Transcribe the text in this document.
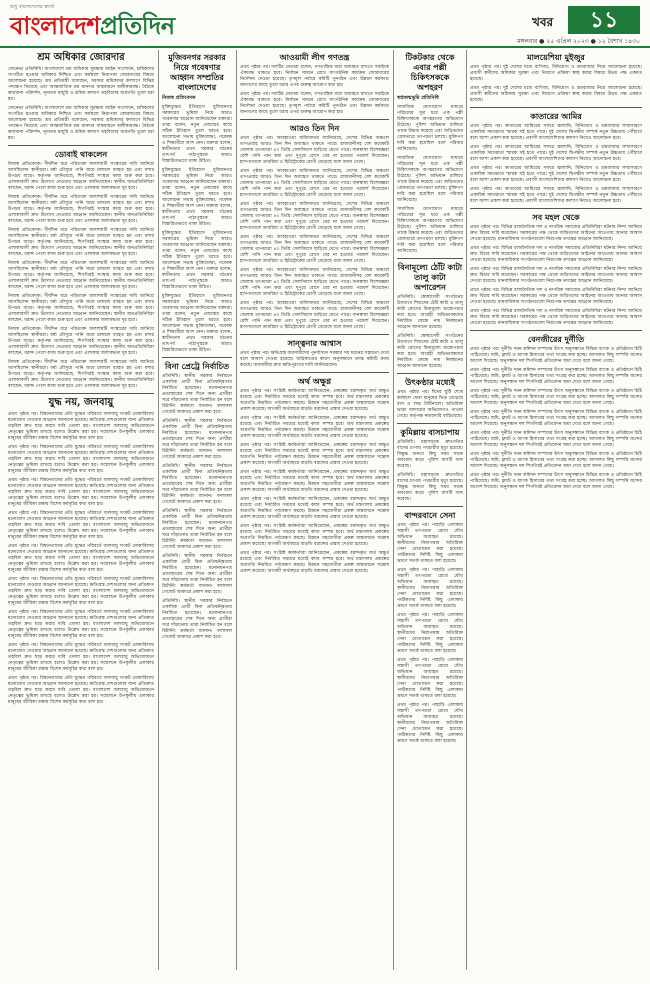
শুধু বাংলাদেশের স্বার্থে
বাংলাদেশপ্রতিদিন	খবর	১১
মঙ্গলবার ● ২৫ এপ্রিল ২০২৩ ● ১২ বৈশাখ ১৪৩০
শ্রম অধিকার জোরদার

জেনেভা প্রতিনিধি। বাংলাদেশে শ্রম অধিকার সুরক্ষায় আইন সংশোধন, শ্রমিকদের সংগঠিত হওয়ার অধিকার নিশ্চিত এবং কর্মস্থলে নিরাপত্তা জোরদারের বিষয়ে আলোচনা হয়েছে। শ্রম প্রতিমন্ত্রী বলেছেন, সরকার শ্রমিকদের কল্যাণে বিভিন্ন পদক্ষেপ নিয়েছে এবং আন্তর্জাতিক শ্রম মানদণ্ড বাস্তবায়নে অঙ্গীকারবদ্ধ। বৈঠকে কারখানা পরিদর্শন, ন্যূনতম মজুরি ও শ্রমিক কল্যাণ তহবিলের অগ্রগতি তুলে ধরা হয়।

জেনেভা প্রতিনিধি। বাংলাদেশে শ্রম অধিকার সুরক্ষায় আইন সংশোধন, শ্রমিকদের সংগঠিত হওয়ার অধিকার নিশ্চিত এবং কর্মস্থলে নিরাপত্তা জোরদারের বিষয়ে আলোচনা হয়েছে। শ্রম প্রতিমন্ত্রী বলেছেন, সরকার শ্রমিকদের কল্যাণে বিভিন্ন পদক্ষেপ নিয়েছে এবং আন্তর্জাতিক শ্রম মানদণ্ড বাস্তবায়নে অঙ্গীকারবদ্ধ। বৈঠকে কারখানা পরিদর্শন, ন্যূনতম মজুরি ও শ্রমিক কল্যাণ তহবিলের অগ্রগতি তুলে ধরা হয়।

ডোবাই থাকলেন

নিজস্ব প্রতিবেদক। দীর্ঘদিন ধরে পরিত্যক্ত জলাশয়টি সংস্কারের দাবি জানিয়ে আসছিলেন স্থানীয়রা। বর্ষা মৌসুমে পানি জমে চলাচল ব্যাহত হয় এবং মশার উপদ্রব বাড়ে। কর্তৃপক্ষ জানিয়েছে, শিগগিরই সংস্কার কাজ শুরু করা হবে। এলাকাবাসী দ্রুত উদ্যোগ নেওয়ার আহ্বান জানিয়েছেন। স্থানীয় জনপ্রতিনিধিরা বলছেন, বরাদ্দ পেলে কাজ শুরু হবে এবং এলাকার জলাবদ্ধতা দূর হবে।

নিজস্ব প্রতিবেদক। দীর্ঘদিন ধরে পরিত্যক্ত জলাশয়টি সংস্কারের দাবি জানিয়ে আসছিলেন স্থানীয়রা। বর্ষা মৌসুমে পানি জমে চলাচল ব্যাহত হয় এবং মশার উপদ্রব বাড়ে। কর্তৃপক্ষ জানিয়েছে, শিগগিরই সংস্কার কাজ শুরু করা হবে। এলাকাবাসী দ্রুত উদ্যোগ নেওয়ার আহ্বান জানিয়েছেন। স্থানীয় জনপ্রতিনিধিরা বলছেন, বরাদ্দ পেলে কাজ শুরু হবে এবং এলাকার জলাবদ্ধতা দূর হবে।

নিজস্ব প্রতিবেদক। দীর্ঘদিন ধরে পরিত্যক্ত জলাশয়টি সংস্কারের দাবি জানিয়ে আসছিলেন স্থানীয়রা। বর্ষা মৌসুমে পানি জমে চলাচল ব্যাহত হয় এবং মশার উপদ্রব বাড়ে। কর্তৃপক্ষ জানিয়েছে, শিগগিরই সংস্কার কাজ শুরু করা হবে। এলাকাবাসী দ্রুত উদ্যোগ নেওয়ার আহ্বান জানিয়েছেন। স্থানীয় জনপ্রতিনিধিরা বলছেন, বরাদ্দ পেলে কাজ শুরু হবে এবং এলাকার জলাবদ্ধতা দূর হবে।

নিজস্ব প্রতিবেদক। দীর্ঘদিন ধরে পরিত্যক্ত জলাশয়টি সংস্কারের দাবি জানিয়ে আসছিলেন স্থানীয়রা। বর্ষা মৌসুমে পানি জমে চলাচল ব্যাহত হয় এবং মশার উপদ্রব বাড়ে। কর্তৃপক্ষ জানিয়েছে, শিগগিরই সংস্কার কাজ শুরু করা হবে। এলাকাবাসী দ্রুত উদ্যোগ নেওয়ার আহ্বান জানিয়েছেন। স্থানীয় জনপ্রতিনিধিরা বলছেন, বরাদ্দ পেলে কাজ শুরু হবে এবং এলাকার জলাবদ্ধতা দূর হবে।

নিজস্ব প্রতিবেদক। দীর্ঘদিন ধরে পরিত্যক্ত জলাশয়টি সংস্কারের দাবি জানিয়ে আসছিলেন স্থানীয়রা। বর্ষা মৌসুমে পানি জমে চলাচল ব্যাহত হয় এবং মশার উপদ্রব বাড়ে। কর্তৃপক্ষ জানিয়েছে, শিগগিরই সংস্কার কাজ শুরু করা হবে। এলাকাবাসী দ্রুত উদ্যোগ নেওয়ার আহ্বান জানিয়েছেন। স্থানীয় জনপ্রতিনিধিরা বলছেন, বরাদ্দ পেলে কাজ শুরু হবে এবং এলাকার জলাবদ্ধতা দূর হবে।

নিজস্ব প্রতিবেদক। দীর্ঘদিন ধরে পরিত্যক্ত জলাশয়টি সংস্কারের দাবি জানিয়ে আসছিলেন স্থানীয়রা। বর্ষা মৌসুমে পানি জমে চলাচল ব্যাহত হয় এবং মশার উপদ্রব বাড়ে। কর্তৃপক্ষ জানিয়েছে, শিগগিরই সংস্কার কাজ শুরু করা হবে। এলাকাবাসী দ্রুত উদ্যোগ নেওয়ার আহ্বান জানিয়েছেন। স্থানীয় জনপ্রতিনিধিরা বলছেন, বরাদ্দ পেলে কাজ শুরু হবে এবং এলাকার জলাবদ্ধতা দূর হবে।

নিজস্ব প্রতিবেদক। দীর্ঘদিন ধরে পরিত্যক্ত জলাশয়টি সংস্কারের দাবি জানিয়ে আসছিলেন স্থানীয়রা। বর্ষা মৌসুমে পানি জমে চলাচল ব্যাহত হয় এবং মশার উপদ্রব বাড়ে। কর্তৃপক্ষ জানিয়েছে, শিগগিরই সংস্কার কাজ শুরু করা হবে। এলাকাবাসী দ্রুত উদ্যোগ নেওয়ার আহ্বান জানিয়েছেন। স্থানীয় জনপ্রতিনিধিরা বলছেন, বরাদ্দ পেলে কাজ শুরু হবে এবং এলাকার জলাবদ্ধতা দূর হবে।

যুদ্ধ নয়, জনবায়ু

প্রথম পৃষ্ঠার পর। বিশ্বনেতাদের প্রতি যুদ্ধের পরিবর্তে জলবায়ু সংকট মোকাবিলায় মনোযোগ দেওয়ার আহ্বান জানানো হয়েছে। ক্ষতিগ্রস্ত দেশগুলোর জন্য প্রতিশ্রুত তহবিল দ্রুত ছাড় করার দাবি তোলা হয়। বাংলাদেশ জলবায়ু অভিযোজনে নেতৃত্বের ভূমিকা রাখছে বলেও উল্লেখ করা হয়। সম্মেলনে উপকূলীয় এলাকার মানুষের জীবিকা রক্ষায় বিশেষ কর্মসূচির কথা বলা হয়।

প্রথম পৃষ্ঠার পর। বিশ্বনেতাদের প্রতি যুদ্ধের পরিবর্তে জলবায়ু সংকট মোকাবিলায় মনোযোগ দেওয়ার আহ্বান জানানো হয়েছে। ক্ষতিগ্রস্ত দেশগুলোর জন্য প্রতিশ্রুত তহবিল দ্রুত ছাড় করার দাবি তোলা হয়। বাংলাদেশ জলবায়ু অভিযোজনে নেতৃত্বের ভূমিকা রাখছে বলেও উল্লেখ করা হয়। সম্মেলনে উপকূলীয় এলাকার মানুষের জীবিকা রক্ষায় বিশেষ কর্মসূচির কথা বলা হয়।

প্রথম পৃষ্ঠার পর। বিশ্বনেতাদের প্রতি যুদ্ধের পরিবর্তে জলবায়ু সংকট মোকাবিলায় মনোযোগ দেওয়ার আহ্বান জানানো হয়েছে। ক্ষতিগ্রস্ত দেশগুলোর জন্য প্রতিশ্রুত তহবিল দ্রুত ছাড় করার দাবি তোলা হয়। বাংলাদেশ জলবায়ু অভিযোজনে নেতৃত্বের ভূমিকা রাখছে বলেও উল্লেখ করা হয়। সম্মেলনে উপকূলীয় এলাকার মানুষের জীবিকা রক্ষায় বিশেষ কর্মসূচির কথা বলা হয়।

প্রথম পৃষ্ঠার পর। বিশ্বনেতাদের প্রতি যুদ্ধের পরিবর্তে জলবায়ু সংকট মোকাবিলায় মনোযোগ দেওয়ার আহ্বান জানানো হয়েছে। ক্ষতিগ্রস্ত দেশগুলোর জন্য প্রতিশ্রুত তহবিল দ্রুত ছাড় করার দাবি তোলা হয়। বাংলাদেশ জলবায়ু অভিযোজনে নেতৃত্বের ভূমিকা রাখছে বলেও উল্লেখ করা হয়। সম্মেলনে উপকূলীয় এলাকার মানুষের জীবিকা রক্ষায় বিশেষ কর্মসূচির কথা বলা হয়।

প্রথম পৃষ্ঠার পর। বিশ্বনেতাদের প্রতি যুদ্ধের পরিবর্তে জলবায়ু সংকট মোকাবিলায় মনোযোগ দেওয়ার আহ্বান জানানো হয়েছে। ক্ষতিগ্রস্ত দেশগুলোর জন্য প্রতিশ্রুত তহবিল দ্রুত ছাড় করার দাবি তোলা হয়। বাংলাদেশ জলবায়ু অভিযোজনে নেতৃত্বের ভূমিকা রাখছে বলেও উল্লেখ করা হয়। সম্মেলনে উপকূলীয় এলাকার মানুষের জীবিকা রক্ষায় বিশেষ কর্মসূচির কথা বলা হয়।

প্রথম পৃষ্ঠার পর। বিশ্বনেতাদের প্রতি যুদ্ধের পরিবর্তে জলবায়ু সংকট মোকাবিলায় মনোযোগ দেওয়ার আহ্বান জানানো হয়েছে। ক্ষতিগ্রস্ত দেশগুলোর জন্য প্রতিশ্রুত তহবিল দ্রুত ছাড় করার দাবি তোলা হয়। বাংলাদেশ জলবায়ু অভিযোজনে নেতৃত্বের ভূমিকা রাখছে বলেও উল্লেখ করা হয়। সম্মেলনে উপকূলীয় এলাকার মানুষের জীবিকা রক্ষায় বিশেষ কর্মসূচির কথা বলা হয়।

প্রথম পৃষ্ঠার পর। বিশ্বনেতাদের প্রতি যুদ্ধের পরিবর্তে জলবায়ু সংকট মোকাবিলায় মনোযোগ দেওয়ার আহ্বান জানানো হয়েছে। ক্ষতিগ্রস্ত দেশগুলোর জন্য প্রতিশ্রুত তহবিল দ্রুত ছাড় করার দাবি তোলা হয়। বাংলাদেশ জলবায়ু অভিযোজনে নেতৃত্বের ভূমিকা রাখছে বলেও উল্লেখ করা হয়। সম্মেলনে উপকূলীয় এলাকার মানুষের জীবিকা রক্ষায় বিশেষ কর্মসূচির কথা বলা হয়।

প্রথম পৃষ্ঠার পর। বিশ্বনেতাদের প্রতি যুদ্ধের পরিবর্তে জলবায়ু সংকট মোকাবিলায় মনোযোগ দেওয়ার আহ্বান জানানো হয়েছে। ক্ষতিগ্রস্ত দেশগুলোর জন্য প্রতিশ্রুত তহবিল দ্রুত ছাড় করার দাবি তোলা হয়। বাংলাদেশ জলবায়ু অভিযোজনে নেতৃত্বের ভূমিকা রাখছে বলেও উল্লেখ করা হয়। সম্মেলনে উপকূলীয় এলাকার মানুষের জীবিকা রক্ষায় বিশেষ কর্মসূচির কথা বলা হয়।

প্রথম পৃষ্ঠার পর। বিশ্বনেতাদের প্রতি যুদ্ধের পরিবর্তে জলবায়ু সংকট মোকাবিলায় মনোযোগ দেওয়ার আহ্বান জানানো হয়েছে। ক্ষতিগ্রস্ত দেশগুলোর জন্য প্রতিশ্রুত তহবিল দ্রুত ছাড় করার দাবি তোলা হয়। বাংলাদেশ জলবায়ু অভিযোজনে নেতৃত্বের ভূমিকা রাখছে বলেও উল্লেখ করা হয়। সম্মেলনে উপকূলীয় এলাকার মানুষের জীবিকা রক্ষায় বিশেষ কর্মসূচির কথা বলা হয়।

মুজিবনগর সরকার নিয়ে গবেষণার আহ্বান সম্প্রতির বাংলাদেশের
নিজস্ব প্রতিবেদক

মুক্তিযুদ্ধের ইতিহাসে মুজিবনগর সরকারের ভূমিকা নিয়ে আরও গবেষণার আহ্বান জানিয়েছেন বক্তারা। তারা বলেন, নতুন প্রজন্মের কাছে সঠিক ইতিহাস তুলে ধরতে হবে। আলোচনা সভায় মুক্তিযোদ্ধা, গবেষক ও শিক্ষার্থীরা অংশ নেন। বক্তারা বলেন, স্বাধীনতার প্রথম সরকার গঠনের তাৎপর্য পাঠ্যপুস্তকে আরও বিস্তারিতভাবে থাকা উচিত।

মুক্তিযুদ্ধের ইতিহাসে মুজিবনগর সরকারের ভূমিকা নিয়ে আরও গবেষণার আহ্বান জানিয়েছেন বক্তারা। তারা বলেন, নতুন প্রজন্মের কাছে সঠিক ইতিহাস তুলে ধরতে হবে। আলোচনা সভায় মুক্তিযোদ্ধা, গবেষক ও শিক্ষার্থীরা অংশ নেন। বক্তারা বলেন, স্বাধীনতার প্রথম সরকার গঠনের তাৎপর্য পাঠ্যপুস্তকে আরও বিস্তারিতভাবে থাকা উচিত।

মুক্তিযুদ্ধের ইতিহাসে মুজিবনগর সরকারের ভূমিকা নিয়ে আরও গবেষণার আহ্বান জানিয়েছেন বক্তারা। তারা বলেন, নতুন প্রজন্মের কাছে সঠিক ইতিহাস তুলে ধরতে হবে। আলোচনা সভায় মুক্তিযোদ্ধা, গবেষক ও শিক্ষার্থীরা অংশ নেন। বক্তারা বলেন, স্বাধীনতার প্রথম সরকার গঠনের তাৎপর্য পাঠ্যপুস্তকে আরও বিস্তারিতভাবে থাকা উচিত।

মুক্তিযুদ্ধের ইতিহাসে মুজিবনগর সরকারের ভূমিকা নিয়ে আরও গবেষণার আহ্বান জানিয়েছেন বক্তারা। তারা বলেন, নতুন প্রজন্মের কাছে সঠিক ইতিহাস তুলে ধরতে হবে। আলোচনা সভায় মুক্তিযোদ্ধা, গবেষক ও শিক্ষার্থীরা অংশ নেন। বক্তারা বলেন, স্বাধীনতার প্রথম সরকার গঠনের তাৎপর্য পাঠ্যপুস্তকে আরও বিস্তারিতভাবে থাকা উচিত।

বিনা প্রেট্রে নির্বাচিত

প্রতিনিধি। স্থানীয় সরকার নির্বাচনে একাধিক প্রার্থী বিনা প্রতিদ্বন্দ্বিতায় নির্বাচিত হয়েছেন। মনোনয়নপত্র প্রত্যাহারের শেষ দিনে অন্য প্রার্থীরা সরে দাঁড়ানোয় তারা নির্বাচিত হন বলে রিটার্নিং কর্মকর্তা জানান। ফলাফল গেজেট আকারে প্রকাশ করা হবে।

প্রতিনিধি। স্থানীয় সরকার নির্বাচনে একাধিক প্রার্থী বিনা প্রতিদ্বন্দ্বিতায় নির্বাচিত হয়েছেন। মনোনয়নপত্র প্রত্যাহারের শেষ দিনে অন্য প্রার্থীরা সরে দাঁড়ানোয় তারা নির্বাচিত হন বলে রিটার্নিং কর্মকর্তা জানান। ফলাফল গেজেট আকারে প্রকাশ করা হবে।

প্রতিনিধি। স্থানীয় সরকার নির্বাচনে একাধিক প্রার্থী বিনা প্রতিদ্বন্দ্বিতায় নির্বাচিত হয়েছেন। মনোনয়নপত্র প্রত্যাহারের শেষ দিনে অন্য প্রার্থীরা সরে দাঁড়ানোয় তারা নির্বাচিত হন বলে রিটার্নিং কর্মকর্তা জানান। ফলাফল গেজেট আকারে প্রকাশ করা হবে।

প্রতিনিধি। স্থানীয় সরকার নির্বাচনে একাধিক প্রার্থী বিনা প্রতিদ্বন্দ্বিতায় নির্বাচিত হয়েছেন। মনোনয়নপত্র প্রত্যাহারের শেষ দিনে অন্য প্রার্থীরা সরে দাঁড়ানোয় তারা নির্বাচিত হন বলে রিটার্নিং কর্মকর্তা জানান। ফলাফল গেজেট আকারে প্রকাশ করা হবে।

প্রতিনিধি। স্থানীয় সরকার নির্বাচনে একাধিক প্রার্থী বিনা প্রতিদ্বন্দ্বিতায় নির্বাচিত হয়েছেন। মনোনয়নপত্র প্রত্যাহারের শেষ দিনে অন্য প্রার্থীরা সরে দাঁড়ানোয় তারা নির্বাচিত হন বলে রিটার্নিং কর্মকর্তা জানান। ফলাফল গেজেট আকারে প্রকাশ করা হবে।

প্রতিনিধি। স্থানীয় সরকার নির্বাচনে একাধিক প্রার্থী বিনা প্রতিদ্বন্দ্বিতায় নির্বাচিত হয়েছেন। মনোনয়নপত্র প্রত্যাহারের শেষ দিনে অন্য প্রার্থীরা সরে দাঁড়ানোয় তারা নির্বাচিত হন বলে রিটার্নিং কর্মকর্তা জানান। ফলাফল গেজেট আকারে প্রকাশ করা হবে।

আওয়ামী লীগ গণতন্ত্র

প্রথম পৃষ্ঠার পর। দলটির নেতারা বলেন, গণতান্ত্রিক ধারা অব্যাহত রাখতে সবাইকে ঐক্যবদ্ধ থাকতে হবে। নির্বাচন সামনে রেখে সাংগঠনিক কার্যক্রম জোরদারের নির্দেশনা দেওয়া হয়েছে। তৃণমূল পর্যায়ে কমিটি পুনর্গঠন এবং উন্নয়ন কর্মকাণ্ড জনগণের কাছে তুলে ধরার ওপর গুরুত্ব আরোপ করা হয়।

প্রথম পৃষ্ঠার পর। দলটির নেতারা বলেন, গণতান্ত্রিক ধারা অব্যাহত রাখতে সবাইকে ঐক্যবদ্ধ থাকতে হবে। নির্বাচন সামনে রেখে সাংগঠনিক কার্যক্রম জোরদারের নির্দেশনা দেওয়া হয়েছে। তৃণমূল পর্যায়ে কমিটি পুনর্গঠন এবং উন্নয়ন কর্মকাণ্ড জনগণের কাছে তুলে ধরার ওপর গুরুত্ব আরোপ করা হয়।

আরও তিন দিন

প্রথম পৃষ্ঠার পর। আবহাওয়া অধিদফতর জানিয়েছে, দেশের বিভিন্ন অঞ্চলে তাপপ্রবাহ আরও তিন দিন অব্যাহত থাকতে পারে। রাজধানীসহ বেশ কয়েকটি জেলায় তাপমাত্রা ৪০ ডিগ্রি সেলসিয়াস ছাড়িয়ে যেতে পারে। জনস্বাস্থ্য বিশেষজ্ঞরা বেশি পানি পান করা এবং দুপুরে রোদে বের না হওয়ার পরামর্শ দিয়েছেন। হাসপাতালে ডায়রিয়া ও হিটস্ট্রোকের রোগী বেড়েছে বলে জানা গেছে।

প্রথম পৃষ্ঠার পর। আবহাওয়া অধিদফতর জানিয়েছে, দেশের বিভিন্ন অঞ্চলে তাপপ্রবাহ আরও তিন দিন অব্যাহত থাকতে পারে। রাজধানীসহ বেশ কয়েকটি জেলায় তাপমাত্রা ৪০ ডিগ্রি সেলসিয়াস ছাড়িয়ে যেতে পারে। জনস্বাস্থ্য বিশেষজ্ঞরা বেশি পানি পান করা এবং দুপুরে রোদে বের না হওয়ার পরামর্শ দিয়েছেন। হাসপাতালে ডায়রিয়া ও হিটস্ট্রোকের রোগী বেড়েছে বলে জানা গেছে।

প্রথম পৃষ্ঠার পর। আবহাওয়া অধিদফতর জানিয়েছে, দেশের বিভিন্ন অঞ্চলে তাপপ্রবাহ আরও তিন দিন অব্যাহত থাকতে পারে। রাজধানীসহ বেশ কয়েকটি জেলায় তাপমাত্রা ৪০ ডিগ্রি সেলসিয়াস ছাড়িয়ে যেতে পারে। জনস্বাস্থ্য বিশেষজ্ঞরা বেশি পানি পান করা এবং দুপুরে রোদে বের না হওয়ার পরামর্শ দিয়েছেন। হাসপাতালে ডায়রিয়া ও হিটস্ট্রোকের রোগী বেড়েছে বলে জানা গেছে।

প্রথম পৃষ্ঠার পর। আবহাওয়া অধিদফতর জানিয়েছে, দেশের বিভিন্ন অঞ্চলে তাপপ্রবাহ আরও তিন দিন অব্যাহত থাকতে পারে। রাজধানীসহ বেশ কয়েকটি জেলায় তাপমাত্রা ৪০ ডিগ্রি সেলসিয়াস ছাড়িয়ে যেতে পারে। জনস্বাস্থ্য বিশেষজ্ঞরা বেশি পানি পান করা এবং দুপুরে রোদে বের না হওয়ার পরামর্শ দিয়েছেন। হাসপাতালে ডায়রিয়া ও হিটস্ট্রোকের রোগী বেড়েছে বলে জানা গেছে।

প্রথম পৃষ্ঠার পর। আবহাওয়া অধিদফতর জানিয়েছে, দেশের বিভিন্ন অঞ্চলে তাপপ্রবাহ আরও তিন দিন অব্যাহত থাকতে পারে। রাজধানীসহ বেশ কয়েকটি জেলায় তাপমাত্রা ৪০ ডিগ্রি সেলসিয়াস ছাড়িয়ে যেতে পারে। জনস্বাস্থ্য বিশেষজ্ঞরা বেশি পানি পান করা এবং দুপুরে রোদে বের না হওয়ার পরামর্শ দিয়েছেন। হাসপাতালে ডায়রিয়া ও হিটস্ট্রোকের রোগী বেড়েছে বলে জানা গেছে।

প্রথম পৃষ্ঠার পর। আবহাওয়া অধিদফতর জানিয়েছে, দেশের বিভিন্ন অঞ্চলে তাপপ্রবাহ আরও তিন দিন অব্যাহত থাকতে পারে। রাজধানীসহ বেশ কয়েকটি জেলায় তাপমাত্রা ৪০ ডিগ্রি সেলসিয়াস ছাড়িয়ে যেতে পারে। জনস্বাস্থ্য বিশেষজ্ঞরা বেশি পানি পান করা এবং দুপুরে রোদে বের না হওয়ার পরামর্শ দিয়েছেন। হাসপাতালে ডায়রিয়া ও হিটস্ট্রোকের রোগী বেড়েছে বলে জানা গেছে।

সান্ত্বনার আশ্বাস

প্রথম পৃষ্ঠার পর। ক্ষতিগ্রস্ত ব্যবসায়ীদের পুনর্বাসনে সরকার সব ধরনের সহায়তা দেবে বলে আশ্বাস দেওয়া হয়েছে। অগ্নিকাণ্ডের কারণ অনুসন্ধানে তদন্ত কমিটি কাজ করছে। ব্যবসায়ীরা দ্রুত ক্ষতিপূরণের দাবি জানিয়েছেন।

অর্থ অক্ষুণ্ণ

প্রথম পৃষ্ঠার পর। সংশ্লিষ্ট কর্মকর্তারা জানিয়েছেন, প্রকল্পের বরাদ্দকৃত অর্থ অক্ষুণ্ণ রয়েছে এবং নির্ধারিত সময়ের মধ্যেই কাজ সম্পন্ন হবে। অর্থ মন্ত্রণালয় প্রকল্পের অগ্রগতি নিয়মিত পর্যবেক্ষণ করছে। উন্নয়ন সহযোগীরা প্রকল্প বাস্তবায়নে সন্তোষ প্রকাশ করেছে। আগামী অর্থবছরে বাড়তি বরাদ্দের প্রস্তাব দেওয়া হয়েছে।

প্রথম পৃষ্ঠার পর। সংশ্লিষ্ট কর্মকর্তারা জানিয়েছেন, প্রকল্পের বরাদ্দকৃত অর্থ অক্ষুণ্ণ রয়েছে এবং নির্ধারিত সময়ের মধ্যেই কাজ সম্পন্ন হবে। অর্থ মন্ত্রণালয় প্রকল্পের অগ্রগতি নিয়মিত পর্যবেক্ষণ করছে। উন্নয়ন সহযোগীরা প্রকল্প বাস্তবায়নে সন্তোষ প্রকাশ করেছে। আগামী অর্থবছরে বাড়তি বরাদ্দের প্রস্তাব দেওয়া হয়েছে।

প্রথম পৃষ্ঠার পর। সংশ্লিষ্ট কর্মকর্তারা জানিয়েছেন, প্রকল্পের বরাদ্দকৃত অর্থ অক্ষুণ্ণ রয়েছে এবং নির্ধারিত সময়ের মধ্যেই কাজ সম্পন্ন হবে। অর্থ মন্ত্রণালয় প্রকল্পের অগ্রগতি নিয়মিত পর্যবেক্ষণ করছে। উন্নয়ন সহযোগীরা প্রকল্প বাস্তবায়নে সন্তোষ প্রকাশ করেছে। আগামী অর্থবছরে বাড়তি বরাদ্দের প্রস্তাব দেওয়া হয়েছে।

প্রথম পৃষ্ঠার পর। সংশ্লিষ্ট কর্মকর্তারা জানিয়েছেন, প্রকল্পের বরাদ্দকৃত অর্থ অক্ষুণ্ণ রয়েছে এবং নির্ধারিত সময়ের মধ্যেই কাজ সম্পন্ন হবে। অর্থ মন্ত্রণালয় প্রকল্পের অগ্রগতি নিয়মিত পর্যবেক্ষণ করছে। উন্নয়ন সহযোগীরা প্রকল্প বাস্তবায়নে সন্তোষ প্রকাশ করেছে। আগামী অর্থবছরে বাড়তি বরাদ্দের প্রস্তাব দেওয়া হয়েছে।

প্রথম পৃষ্ঠার পর। সংশ্লিষ্ট কর্মকর্তারা জানিয়েছেন, প্রকল্পের বরাদ্দকৃত অর্থ অক্ষুণ্ণ রয়েছে এবং নির্ধারিত সময়ের মধ্যেই কাজ সম্পন্ন হবে। অর্থ মন্ত্রণালয় প্রকল্পের অগ্রগতি নিয়মিত পর্যবেক্ষণ করছে। উন্নয়ন সহযোগীরা প্রকল্প বাস্তবায়নে সন্তোষ প্রকাশ করেছে। আগামী অর্থবছরে বাড়তি বরাদ্দের প্রস্তাব দেওয়া হয়েছে।

প্রথম পৃষ্ঠার পর। সংশ্লিষ্ট কর্মকর্তারা জানিয়েছেন, প্রকল্পের বরাদ্দকৃত অর্থ অক্ষুণ্ণ রয়েছে এবং নির্ধারিত সময়ের মধ্যেই কাজ সম্পন্ন হবে। অর্থ মন্ত্রণালয় প্রকল্পের অগ্রগতি নিয়মিত পর্যবেক্ষণ করছে। উন্নয়ন সহযোগীরা প্রকল্প বাস্তবায়নে সন্তোষ প্রকাশ করেছে। আগামী অর্থবছরে বাড়তি বরাদ্দের প্রস্তাব দেওয়া হয়েছে।

প্রথম পৃষ্ঠার পর। সংশ্লিষ্ট কর্মকর্তারা জানিয়েছেন, প্রকল্পের বরাদ্দকৃত অর্থ অক্ষুণ্ণ রয়েছে এবং নির্ধারিত সময়ের মধ্যেই কাজ সম্পন্ন হবে। অর্থ মন্ত্রণালয় প্রকল্পের অগ্রগতি নিয়মিত পর্যবেক্ষণ করছে। উন্নয়ন সহযোগীরা প্রকল্প বাস্তবায়নে সন্তোষ প্রকাশ করেছে। আগামী অর্থবছরে বাড়তি বরাদ্দের প্রস্তাব দেওয়া হয়েছে।

টিকটকার থেকে এবার পল্লী চিকিৎসককে অপহরণ
স্বপ্নজন্মভূমি প্রতিনিধি

সামাজিক যোগাযোগ মাধ্যমে পরিচয়ের সূত্র ধরে এক পল্লী চিকিৎসককে অপহরণের অভিযোগ উঠেছে। পুলিশ অভিযান চালিয়ে তাকে উদ্ধার করেছে এবং জড়িতদের গ্রেফতারে তৎপরতা চলছে। মুক্তিপণ দাবি করা হয়েছিল বলে পরিবার জানিয়েছে।

সামাজিক যোগাযোগ মাধ্যমে পরিচয়ের সূত্র ধরে এক পল্লী চিকিৎসককে অপহরণের অভিযোগ উঠেছে। পুলিশ অভিযান চালিয়ে তাকে উদ্ধার করেছে এবং জড়িতদের গ্রেফতারে তৎপরতা চলছে। মুক্তিপণ দাবি করা হয়েছিল বলে পরিবার জানিয়েছে।

সামাজিক যোগাযোগ মাধ্যমে পরিচয়ের সূত্র ধরে এক পল্লী চিকিৎসককে অপহরণের অভিযোগ উঠেছে। পুলিশ অভিযান চালিয়ে তাকে উদ্ধার করেছে এবং জড়িতদের গ্রেফতারে তৎপরতা চলছে। মুক্তিপণ দাবি করা হয়েছিল বলে পরিবার জানিয়েছে।

বিনামূল্যে ঠোঁট কাটা তালু কাটা অপারেশন

প্রতিনিধি। স্বেচ্ছাসেবী সংগঠনের উদ্যোগে শিশুদের ঠোঁট কাটা ও তালু কাটা রোগের বিনামূল্যে অস্ত্রোপচার করা হবে। আগ্রহী অভিভাবকদের নির্ধারিত কেন্দ্রে নাম নিবন্ধনের আহ্বান জানানো হয়েছে।

প্রতিনিধি। স্বেচ্ছাসেবী সংগঠনের উদ্যোগে শিশুদের ঠোঁট কাটা ও তালু কাটা রোগের বিনামূল্যে অস্ত্রোপচার করা হবে। আগ্রহী অভিভাবকদের নির্ধারিত কেন্দ্রে নাম নিবন্ধনের আহ্বান জানানো হয়েছে।

উৎকণ্ঠার মধ্যেই

প্রথম পৃষ্ঠার পর। ঈদের ছুটি শেষে কর্মস্থলে ফেরা মানুষের ভিড় বেড়েছে বাস ও লঞ্চ টার্মিনালে। অতিরিক্ত ভাড়া আদায়ের অভিযোগও পাওয়া গেছে। কর্তৃপক্ষ নজরদারি বাড়িয়েছে।

কুমিল্লায় বাসচাপায়

প্রতিনিধি। মহাসড়কে দ্রুতগতির বাসের চাপায় পথচারীর মৃত্যু হয়েছে। বিক্ষুব্ধ জনতা কিছু সময় সড়ক অবরোধ করে। পুলিশ বাসটি জব্দ করেছে।

প্রতিনিধি। মহাসড়কে দ্রুতগতির বাসের চাপায় পথচারীর মৃত্যু হয়েছে। বিক্ষুব্ধ জনতা কিছু সময় সড়ক অবরোধ করে। পুলিশ বাসটি জব্দ করেছে।

বান্দরবানে সেনা

প্রথম পৃষ্ঠার পর। পাহাড়ি এলাকায় সন্ত্রাসী তৎপরতা রোধে যৌথ অভিযান অব্যাহত রয়েছে। স্থানীয়দের নিরাপত্তায় অতিরিক্ত সেনা মোতায়েন করা হয়েছে। পর্যটকদের নির্দিষ্ট কিছু এলাকায় ভ্রমণে সতর্ক থাকতে বলা হয়েছে।

প্রথম পৃষ্ঠার পর। পাহাড়ি এলাকায় সন্ত্রাসী তৎপরতা রোধে যৌথ অভিযান অব্যাহত রয়েছে। স্থানীয়দের নিরাপত্তায় অতিরিক্ত সেনা মোতায়েন করা হয়েছে। পর্যটকদের নির্দিষ্ট কিছু এলাকায় ভ্রমণে সতর্ক থাকতে বলা হয়েছে।

প্রথম পৃষ্ঠার পর। পাহাড়ি এলাকায় সন্ত্রাসী তৎপরতা রোধে যৌথ অভিযান অব্যাহত রয়েছে। স্থানীয়দের নিরাপত্তায় অতিরিক্ত সেনা মোতায়েন করা হয়েছে। পর্যটকদের নির্দিষ্ট কিছু এলাকায় ভ্রমণে সতর্ক থাকতে বলা হয়েছে।

প্রথম পৃষ্ঠার পর। পাহাড়ি এলাকায় সন্ত্রাসী তৎপরতা রোধে যৌথ অভিযান অব্যাহত রয়েছে। স্থানীয়দের নিরাপত্তায় অতিরিক্ত সেনা মোতায়েন করা হয়েছে। পর্যটকদের নির্দিষ্ট কিছু এলাকায় ভ্রমণে সতর্ক থাকতে বলা হয়েছে।

প্রথম পৃষ্ঠার পর। পাহাড়ি এলাকায় সন্ত্রাসী তৎপরতা রোধে যৌথ অভিযান অব্যাহত রয়েছে। স্থানীয়দের নিরাপত্তায় অতিরিক্ত সেনা মোতায়েন করা হয়েছে। পর্যটকদের নির্দিষ্ট কিছু এলাকায় ভ্রমণে সতর্ক থাকতে বলা হয়েছে।

মালয়েশিয়া মুইজুর

প্রথম পৃষ্ঠার পর। দুই দেশের মধ্যে বাণিজ্য, বিনিয়োগ ও শ্রমবাজার নিয়ে আলোচনা হয়েছে। প্রবাসী কর্মীদের অধিকার সুরক্ষা এবং নিয়োগ প্রক্রিয়া স্বচ্ছ করার বিষয়ে উভয় পক্ষ একমত হয়েছে।

প্রথম পৃষ্ঠার পর। দুই দেশের মধ্যে বাণিজ্য, বিনিয়োগ ও শ্রমবাজার নিয়ে আলোচনা হয়েছে। প্রবাসী কর্মীদের অধিকার সুরক্ষা এবং নিয়োগ প্রক্রিয়া স্বচ্ছ করার বিষয়ে উভয় পক্ষ একমত হয়েছে।

কাতারের আমির

প্রথম পৃষ্ঠার পর। কাতারের আমিরের সফরে জ্বালানি, বিনিয়োগ ও শ্রমবাজার সম্প্রসারণে একাধিক সমঝোতা স্মারক সই হতে পারে। দুই দেশের দ্বিপক্ষীয় সম্পর্ক নতুন উচ্চতায় পৌঁছাবে বলে আশা প্রকাশ করা হয়েছে। প্রবাসী বাংলাদেশিদের কল্যাণ নিয়েও আলোচনা হবে।

প্রথম পৃষ্ঠার পর। কাতারের আমিরের সফরে জ্বালানি, বিনিয়োগ ও শ্রমবাজার সম্প্রসারণে একাধিক সমঝোতা স্মারক সই হতে পারে। দুই দেশের দ্বিপক্ষীয় সম্পর্ক নতুন উচ্চতায় পৌঁছাবে বলে আশা প্রকাশ করা হয়েছে। প্রবাসী বাংলাদেশিদের কল্যাণ নিয়েও আলোচনা হবে।

প্রথম পৃষ্ঠার পর। কাতারের আমিরের সফরে জ্বালানি, বিনিয়োগ ও শ্রমবাজার সম্প্রসারণে একাধিক সমঝোতা স্মারক সই হতে পারে। দুই দেশের দ্বিপক্ষীয় সম্পর্ক নতুন উচ্চতায় পৌঁছাবে বলে আশা প্রকাশ করা হয়েছে। প্রবাসী বাংলাদেশিদের কল্যাণ নিয়েও আলোচনা হবে।

প্রথম পৃষ্ঠার পর। কাতারের আমিরের সফরে জ্বালানি, বিনিয়োগ ও শ্রমবাজার সম্প্রসারণে একাধিক সমঝোতা স্মারক সই হতে পারে। দুই দেশের দ্বিপক্ষীয় সম্পর্ক নতুন উচ্চতায় পৌঁছাবে বলে আশা প্রকাশ করা হয়েছে। প্রবাসী বাংলাদেশিদের কল্যাণ নিয়েও আলোচনা হবে।

সব মহল থেকে

প্রথম পৃষ্ঠার পর। বিভিন্ন রাজনৈতিক দল ও নাগরিক সমাজের প্রতিনিধিরা ঘটনার নিন্দা জানিয়ে দ্রুত বিচার দাবি করেছেন। সরকারের পক্ষ থেকে জড়িতদের আইনের আওতায় আনার আশ্বাস দেওয়া হয়েছে। মানবাধিকার সংগঠনগুলো নিরপেক্ষ তদন্তের আহ্বান জানিয়েছে।

প্রথম পৃষ্ঠার পর। বিভিন্ন রাজনৈতিক দল ও নাগরিক সমাজের প্রতিনিধিরা ঘটনার নিন্দা জানিয়ে দ্রুত বিচার দাবি করেছেন। সরকারের পক্ষ থেকে জড়িতদের আইনের আওতায় আনার আশ্বাস দেওয়া হয়েছে। মানবাধিকার সংগঠনগুলো নিরপেক্ষ তদন্তের আহ্বান জানিয়েছে।

প্রথম পৃষ্ঠার পর। বিভিন্ন রাজনৈতিক দল ও নাগরিক সমাজের প্রতিনিধিরা ঘটনার নিন্দা জানিয়ে দ্রুত বিচার দাবি করেছেন। সরকারের পক্ষ থেকে জড়িতদের আইনের আওতায় আনার আশ্বাস দেওয়া হয়েছে। মানবাধিকার সংগঠনগুলো নিরপেক্ষ তদন্তের আহ্বান জানিয়েছে।

প্রথম পৃষ্ঠার পর। বিভিন্ন রাজনৈতিক দল ও নাগরিক সমাজের প্রতিনিধিরা ঘটনার নিন্দা জানিয়ে দ্রুত বিচার দাবি করেছেন। সরকারের পক্ষ থেকে জড়িতদের আইনের আওতায় আনার আশ্বাস দেওয়া হয়েছে। মানবাধিকার সংগঠনগুলো নিরপেক্ষ তদন্তের আহ্বান জানিয়েছে।

প্রথম পৃষ্ঠার পর। বিভিন্ন রাজনৈতিক দল ও নাগরিক সমাজের প্রতিনিধিরা ঘটনার নিন্দা জানিয়ে দ্রুত বিচার দাবি করেছেন। সরকারের পক্ষ থেকে জড়িতদের আইনের আওতায় আনার আশ্বাস দেওয়া হয়েছে। মানবাধিকার সংগঠনগুলো নিরপেক্ষ তদন্তের আহ্বান জানিয়েছে।

বেনজীরের দুর্নীতি

প্রথম পৃষ্ঠার পর। দুর্নীতি দমন কমিশন সম্পদের উৎস অনুসন্ধানে বিভিন্ন ব্যাংক ও প্রতিষ্ঠানে চিঠি পাঠিয়েছে। জমি, ফ্ল্যাট ও ব্যাংক হিসাবের তথ্য সংগ্রহ করা হচ্ছে। আদালত কিছু সম্পত্তি জব্দের আদেশ দিয়েছে। অনুসন্ধান দল শিগগিরই প্রতিবেদন জমা দেবে বলে জানা গেছে।

প্রথম পৃষ্ঠার পর। দুর্নীতি দমন কমিশন সম্পদের উৎস অনুসন্ধানে বিভিন্ন ব্যাংক ও প্রতিষ্ঠানে চিঠি পাঠিয়েছে। জমি, ফ্ল্যাট ও ব্যাংক হিসাবের তথ্য সংগ্রহ করা হচ্ছে। আদালত কিছু সম্পত্তি জব্দের আদেশ দিয়েছে। অনুসন্ধান দল শিগগিরই প্রতিবেদন জমা দেবে বলে জানা গেছে।

প্রথম পৃষ্ঠার পর। দুর্নীতি দমন কমিশন সম্পদের উৎস অনুসন্ধানে বিভিন্ন ব্যাংক ও প্রতিষ্ঠানে চিঠি পাঠিয়েছে। জমি, ফ্ল্যাট ও ব্যাংক হিসাবের তথ্য সংগ্রহ করা হচ্ছে। আদালত কিছু সম্পত্তি জব্দের আদেশ দিয়েছে। অনুসন্ধান দল শিগগিরই প্রতিবেদন জমা দেবে বলে জানা গেছে।

প্রথম পৃষ্ঠার পর। দুর্নীতি দমন কমিশন সম্পদের উৎস অনুসন্ধানে বিভিন্ন ব্যাংক ও প্রতিষ্ঠানে চিঠি পাঠিয়েছে। জমি, ফ্ল্যাট ও ব্যাংক হিসাবের তথ্য সংগ্রহ করা হচ্ছে। আদালত কিছু সম্পত্তি জব্দের আদেশ দিয়েছে। অনুসন্ধান দল শিগগিরই প্রতিবেদন জমা দেবে বলে জানা গেছে।

প্রথম পৃষ্ঠার পর। দুর্নীতি দমন কমিশন সম্পদের উৎস অনুসন্ধানে বিভিন্ন ব্যাংক ও প্রতিষ্ঠানে চিঠি পাঠিয়েছে। জমি, ফ্ল্যাট ও ব্যাংক হিসাবের তথ্য সংগ্রহ করা হচ্ছে। আদালত কিছু সম্পত্তি জব্দের আদেশ দিয়েছে। অনুসন্ধান দল শিগগিরই প্রতিবেদন জমা দেবে বলে জানা গেছে।

প্রথম পৃষ্ঠার পর। দুর্নীতি দমন কমিশন সম্পদের উৎস অনুসন্ধানে বিভিন্ন ব্যাংক ও প্রতিষ্ঠানে চিঠি পাঠিয়েছে। জমি, ফ্ল্যাট ও ব্যাংক হিসাবের তথ্য সংগ্রহ করা হচ্ছে। আদালত কিছু সম্পত্তি জব্দের আদেশ দিয়েছে। অনুসন্ধান দল শিগগিরই প্রতিবেদন জমা দেবে বলে জানা গেছে।

প্রথম পৃষ্ঠার পর। দুর্নীতি দমন কমিশন সম্পদের উৎস অনুসন্ধানে বিভিন্ন ব্যাংক ও প্রতিষ্ঠানে চিঠি পাঠিয়েছে। জমি, ফ্ল্যাট ও ব্যাংক হিসাবের তথ্য সংগ্রহ করা হচ্ছে। আদালত কিছু সম্পত্তি জব্দের আদেশ দিয়েছে। অনুসন্ধান দল শিগগিরই প্রতিবেদন জমা দেবে বলে জানা গেছে।
